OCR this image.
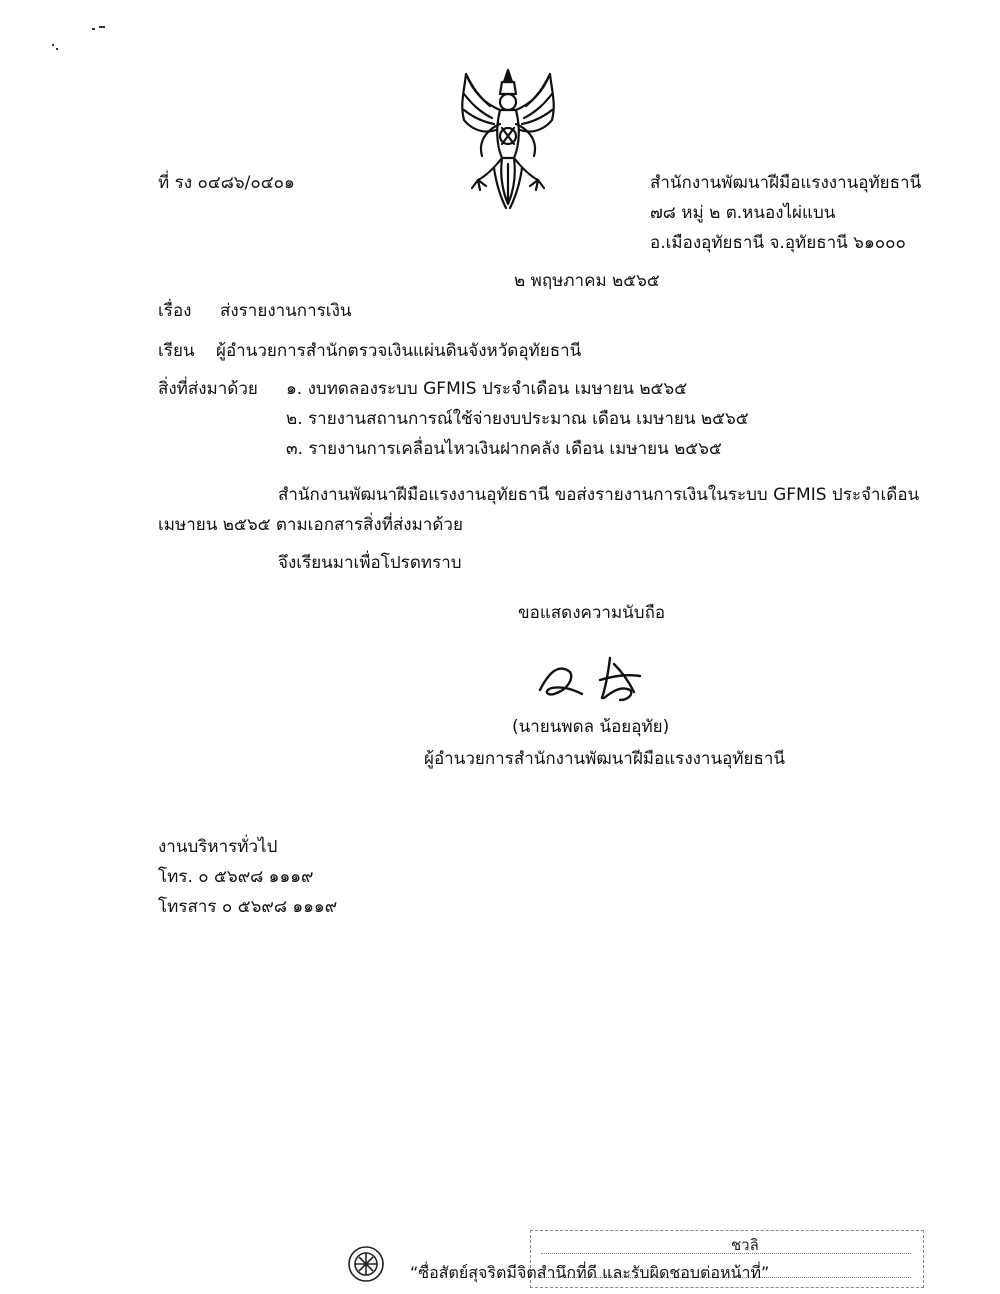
ที่ รง ๐๔๘๖/๐๔๐๑	สำนักงานพัฒนาฝีมือแรงงานอุทัยธานี
๗๘ หมู่ ๒ ต.หนองไผ่แบน
อ.เมืองอุทัยธานี จ.อุทัยธานี ๖๑๐๐๐
๒ พฤษภาคม ๒๕๖๕
เรื่อง ส่งรายงานการเงิน
เรียน ผู้อำนวยการสำนักตรวจเงินแผ่นดินจังหวัดอุทัยธานี
สิ่งที่ส่งมาด้วย ๑. งบทดลองระบบ GFMIS ประจำเดือน เมษายน ๒๕๖๕
๒. รายงานสถานการณ์ใช้จ่ายงบประมาณ เดือน เมษายน ๒๕๖๕
๓. รายงานการเคลื่อนไหวเงินฝากคลัง เดือน เมษายน ๒๕๖๕
สำนักงานพัฒนาฝีมือแรงงานอุทัยธานี ขอส่งรายงานการเงินในระบบ GFMIS ประจำเดือน
เมษายน ๒๕๖๕ ตามเอกสารสิ่งที่ส่งมาด้วย
จึงเรียนมาเพื่อโปรดทราบ
ขอแสดงความนับถือ
(นายนพดล น้อยอุทัย)
ผู้อำนวยการสำนักงานพัฒนาฝีมือแรงงานอุทัยธานี
งานบริหารทั่วไป
โทร. ๐ ๕๖๙๘ ๑๑๑๙
โทรสาร ๐ ๕๖๙๘ ๑๑๑๙
ชวลิ
“ซื่อสัตย์สุจริตมีจิตสำนึกที่ดี และรับผิดชอบต่อหน้าที่”
